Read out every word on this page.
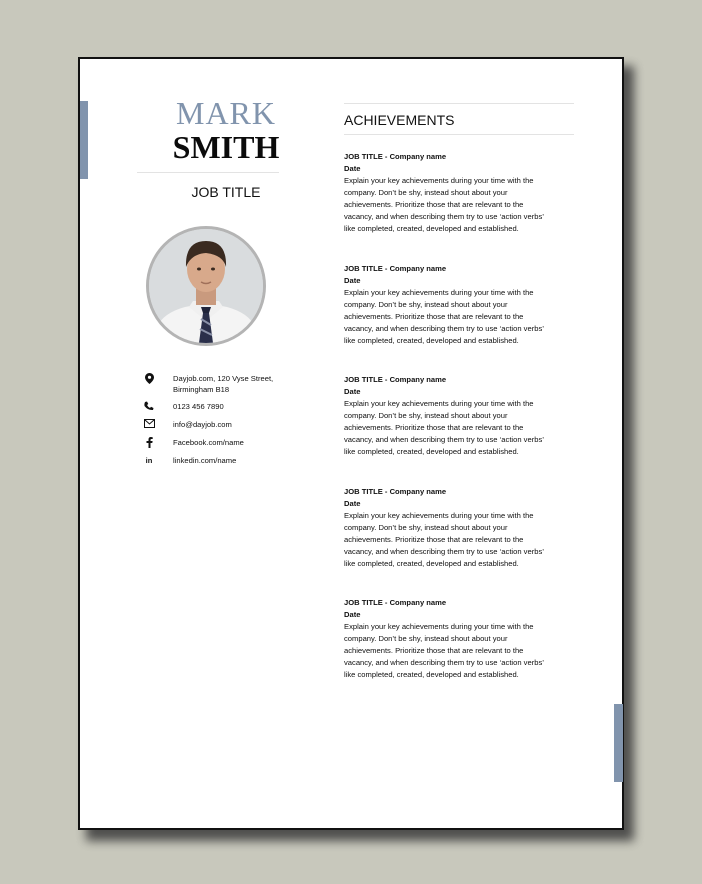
MARK
SMITH
JOB TITLE
Dayjob.com, 120 Vyse Street,
Birmingham B18
0123 456 7890
info@dayjob.com
Facebook.com/name
in	linkedin.com/name
ACHIEVEMENTS
JOB TITLE - Company name
Date
Explain your key achievements during your time with the
company. Don’t be shy, instead shout about your
achievements. Prioritize those that are relevant to the
vacancy, and when describing them try to use ‘action verbs’
like completed, created, developed and established.
JOB TITLE - Company name
Date
Explain your key achievements during your time with the
company. Don’t be shy, instead shout about your
achievements. Prioritize those that are relevant to the
vacancy, and when describing them try to use ‘action verbs’
like completed, created, developed and established.
JOB TITLE - Company name
Date
Explain your key achievements during your time with the
company. Don’t be shy, instead shout about your
achievements. Prioritize those that are relevant to the
vacancy, and when describing them try to use ‘action verbs’
like completed, created, developed and established.
JOB TITLE - Company name
Date
Explain your key achievements during your time with the
company. Don’t be shy, instead shout about your
achievements. Prioritize those that are relevant to the
vacancy, and when describing them try to use ‘action verbs’
like completed, created, developed and established.
JOB TITLE - Company name
Date
Explain your key achievements during your time with the
company. Don’t be shy, instead shout about your
achievements. Prioritize those that are relevant to the
vacancy, and when describing them try to use ‘action verbs’
like completed, created, developed and established.
